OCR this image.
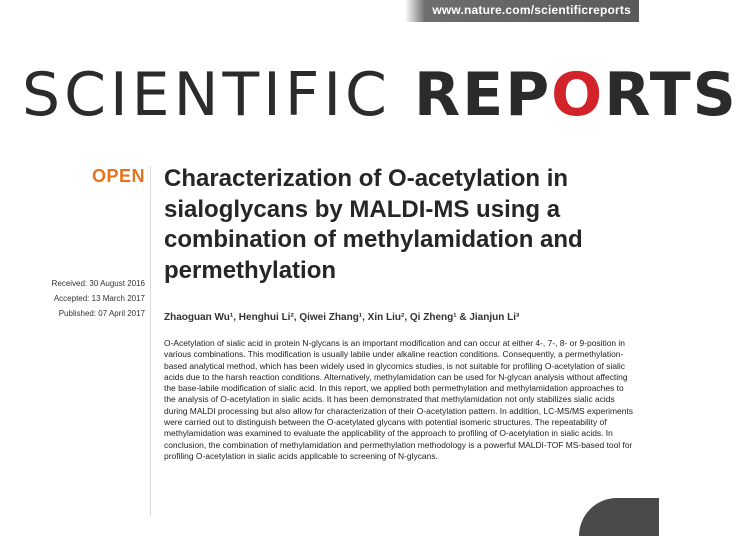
www.nature.com/scientificreports
SCIENTIFIC REPORTS
OPEN
Received: 30 August 2016
Accepted: 13 March 2017
Published: 07 April 2017
Characterization of O-acetylation in sialoglycans by MALDI-MS using a combination of methylamidation and permethylation
Zhaoguan Wu¹, Henghui Li², Qiwei Zhang¹, Xin Liu², Qi Zheng¹ & Jianjun Li³
O-Acetylation of sialic acid in protein N-glycans is an important modification and can occur at either 4-, 7-, 8- or 9-position in various combinations. This modification is usually labile under alkaline reaction conditions. Consequently, a permethylation-based analytical method, which has been widely used in glycomics studies, is not suitable for profiling O-acetylation of sialic acids due to the harsh reaction conditions. Alternatively, methylamidation can be used for N-glycan analysis without affecting the base-labile modification of sialic acid. In this report, we applied both permethylation and methylamidation approaches to the analysis of O-acetylation in sialic acids. It has been demonstrated that methylamidation not only stabilizes sialic acids during MALDI processing but also allow for characterization of their O-acetylation pattern. In addition, LC-MS/MS experiments were carried out to distinguish between the O-acetylated glycans with potential isomeric structures. The repeatability of methylamidation was examined to evaluate the applicability of the approach to profiling of O-acetylation in sialic acids. In conclusion, the combination of methylamidation and permethylation methodology is a powerful MALDI-TOF MS-based tool for profiling O-acetylation in sialic acids applicable to screening of N-glycans.
